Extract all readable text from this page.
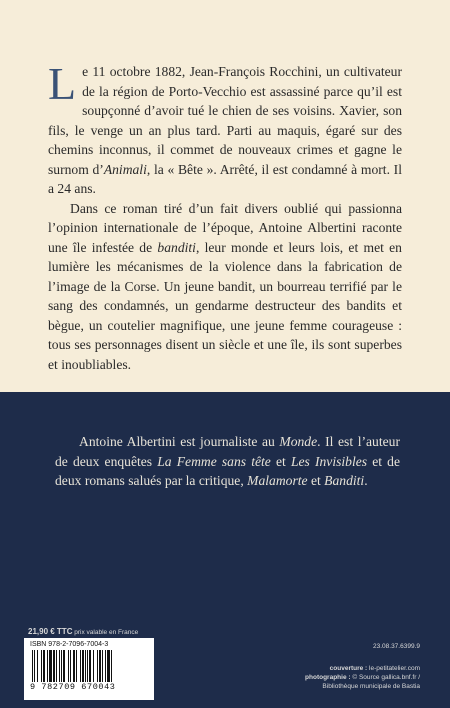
Le 11 octobre 1882, Jean-François Rocchini, un cultivateur de la région de Porto-Vecchio est assassiné parce qu’il est soupçonné d’avoir tué le chien de ses voisins. Xavier, son fils, le venge un an plus tard. Parti au maquis, égaré sur des chemins inconnus, il commet de nouveaux crimes et gagne le surnom d’Animali, la « Bête ». Arrêté, il est condamné à mort. Il a 24 ans.

Dans ce roman tiré d’un fait divers oublié qui passionna l’opinion internationale de l’époque, Antoine Albertini raconte une île infestée de banditi, leur monde et leurs lois, et met en lumière les mécanismes de la violence dans la fabrication de l’image de la Corse. Un jeune bandit, un bourreau terrifié par le sang des condamnés, un gendarme destructeur des bandits et bègue, un coutelier magnifique, une jeune femme courageuse : tous ses personnages disent un siècle et une île, ils sont superbes et inoubliables.

Antoine Albertini est journaliste au Monde. Il est l’auteur de deux enquêtes La Femme sans tête et Les Invisibles et de deux romans salués par la critique, Malamorte et Banditi.

21,90 € TTC prix valable en France
ISBN 978-2-7096-7004-3
9 782709 670043
23.08.37.6399.9
couverture : le-petitatelier.com
photographie : © Source gallica.bnf.fr /
Bibliothèque municipale de Bastia
